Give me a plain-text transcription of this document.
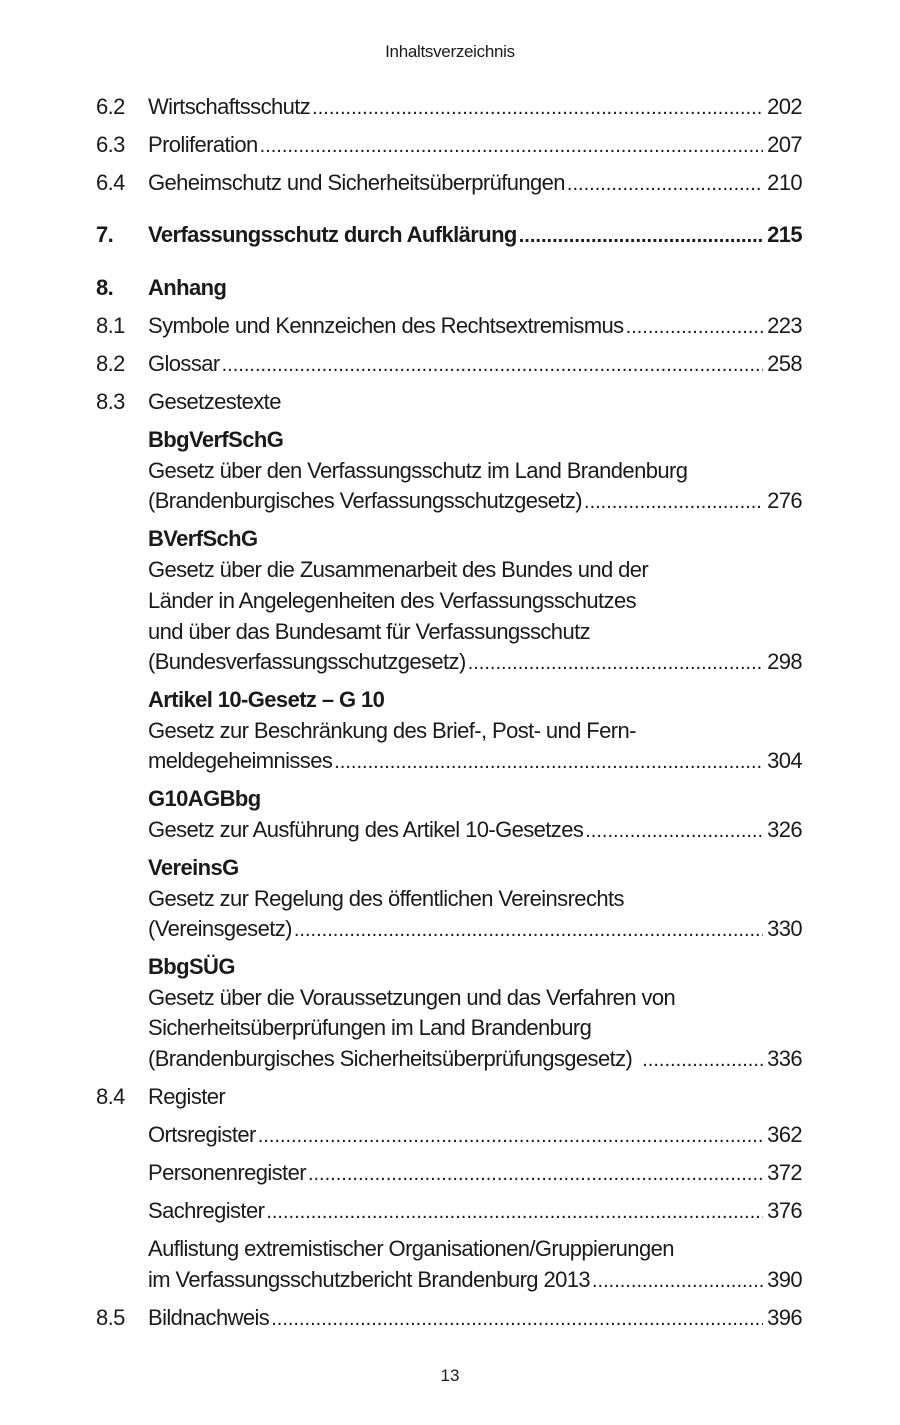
Inhaltsverzeichnis
6.2 Wirtschaftsschutz .....	202
6.3 Proliferation .....	207
6.4 Geheimschutz und Sicherheitsüberprüfungen .....	210
7. Verfassungsschutz durch Aufklärung .....	215
8. Anhang
8.1 Symbole und Kennzeichen des Rechtsextremismus .....	223
8.2 Glossar .....	258
8.3 Gesetzestexte
BbgVerfSchG
Gesetz über den Verfassungsschutz im Land Brandenburg
(Brandenburgisches Verfassungsschutzgesetz) .....	276
BVerfSchG
Gesetz über die Zusammenarbeit des Bundes und der
Länder in Angelegenheiten des Verfassungsschutzes
und über das Bundesamt für Verfassungsschutz
(Bundesverfassungsschutzgesetz) .....	298
Artikel 10-Gesetz – G 10
Gesetz zur Beschränkung des Brief-, Post- und Fern-
meldegeheimnisses .....	304
G10AGBbg
Gesetz zur Ausführung des Artikel 10-Gesetzes .....	326
VereinsG
Gesetz zur Regelung des öffentlichen Vereinsrechts
(Vereinsgesetz) .....	330
BbgSÜG
Gesetz über die Voraussetzungen und das Verfahren von
Sicherheitsüberprüfungen im Land Brandenburg
(Brandenburgisches Sicherheitsüberprüfungsgesetz) .....	336
8.4 Register
Ortsregister .....	362
Personenregister .....	372
Sachregister .....	376
Auflistung extremistischer Organisationen/Gruppierungen
im Verfassungsschutzbericht Brandenburg 2013 .....	390
8.5 Bildnachweis .....	396
13
